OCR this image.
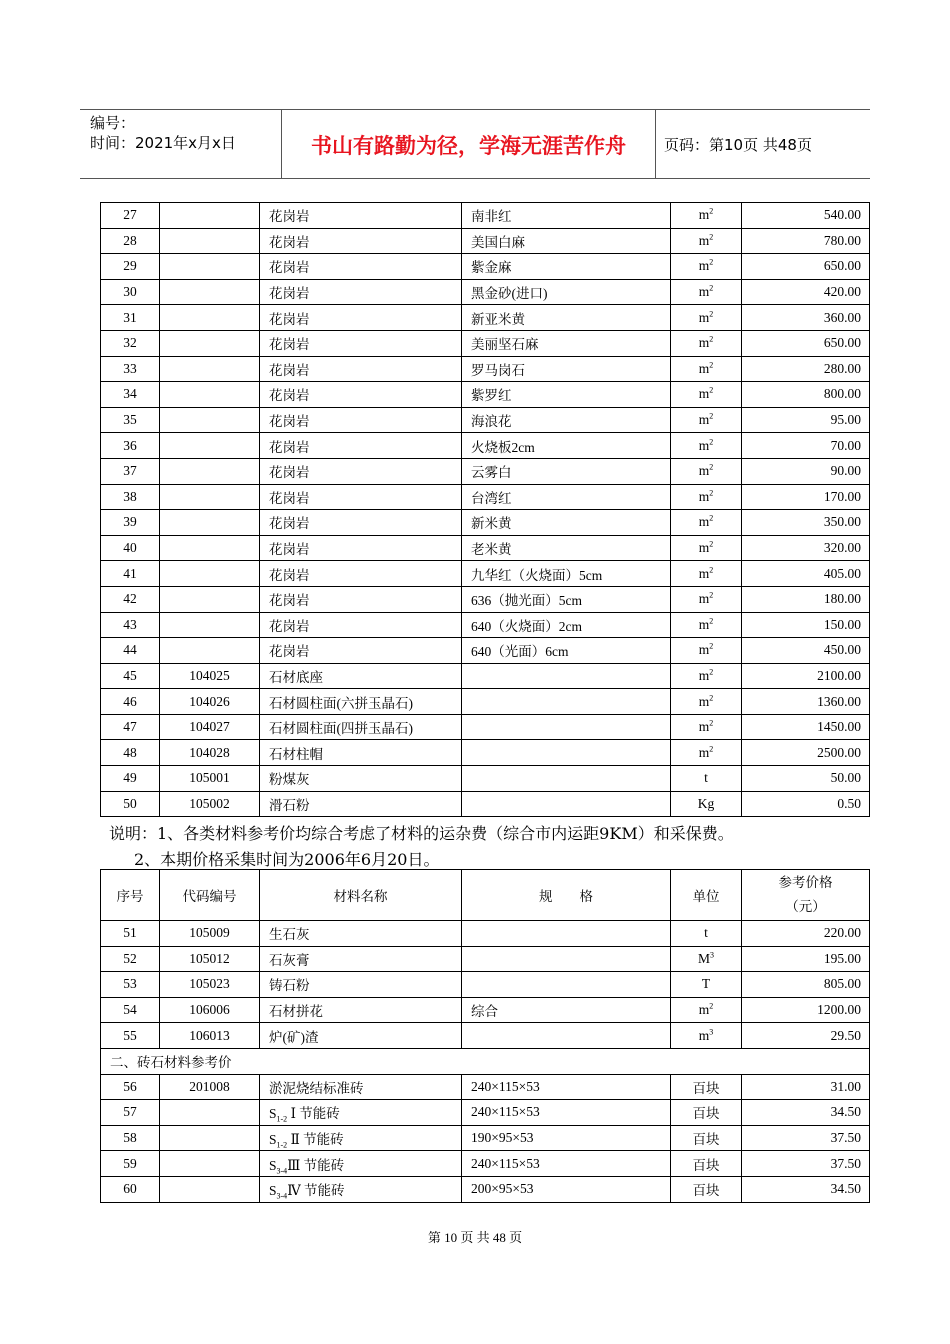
编号：
时间：2021年x月x日	书山有路勤为径，学海无涯苦作舟	页码：第10页 共48页
27		花岗岩	南非红	$m^2$	540.00
28		花岗岩	美国白麻	$m^2$	780.00
29		花岗岩	紫金麻	$m^2$	650.00
30		花岗岩	黑金砂(进口)	$m^2$	420.00
31		花岗岩	新亚米黄	$m^2$	360.00
32		花岗岩	美丽坚石麻	$m^2$	650.00
33		花岗岩	罗马岗石	$m^2$	280.00
34		花岗岩	紫罗红	$m^2$	800.00
35		花岗岩	海浪花	$m^2$	95.00
36		花岗岩	火烧板2cm	$m^2$	70.00
37		花岗岩	云雾白	$m^2$	90.00
38		花岗岩	台湾红	$m^2$	170.00
39		花岗岩	新米黄	$m^2$	350.00
40		花岗岩	老米黄	$m^2$	320.00
41		花岗岩	九华红（火烧面）5cm	$m^2$	405.00
42		花岗岩	636（抛光面）5cm	$m^2$	180.00
43		花岗岩	640（火烧面）2cm	$m^2$	150.00
44		花岗岩	640（光面）6cm	$m^2$	450.00
45	104025	石材底座		$m^2$	2100.00
46	104026	石材圆柱面(六拼玉晶石)		$m^2$	1360.00
47	104027	石材圆柱面(四拼玉晶石)		$m^2$	1450.00
48	104028	石材柱帽		$m^2$	2500.00
49	105001	粉煤灰		t	50.00
50	105002	滑石粉		Kg	0.50
说明：1、各类材料参考价均综合考虑了材料的运杂费（综合市内运距9KM）和采保费。
2、本期价格采集时间为2006年6月20日。
序号	代码编号	材料名称	规　　格	单位	参考价格
（元）

51	105009	生石灰		t	220.00
52	105012	石灰膏		$M^3$	195.00
53	105023	铸石粉		T	805.00
54	106006	石材拼花	综合	$m^2$	1200.00
55	106013	炉(矿)渣		$m^3$	29.50
二、砖石材料参考价					
56	201008	淤泥烧结标准砖	240×115×53	百块	31.00
57		$S_{1-2}$ Ⅰ 节能砖	240×115×53	百块	34.50
58		$S_{1-2}$ Ⅱ 节能砖	190×95×53	百块	37.50
59		$S_{3-4}Ⅲ$ 节能砖	240×115×53	百块	37.50
60		$S_{3-4}Ⅳ$ 节能砖	200×95×53	百块	34.50
第 10 页 共 48 页
